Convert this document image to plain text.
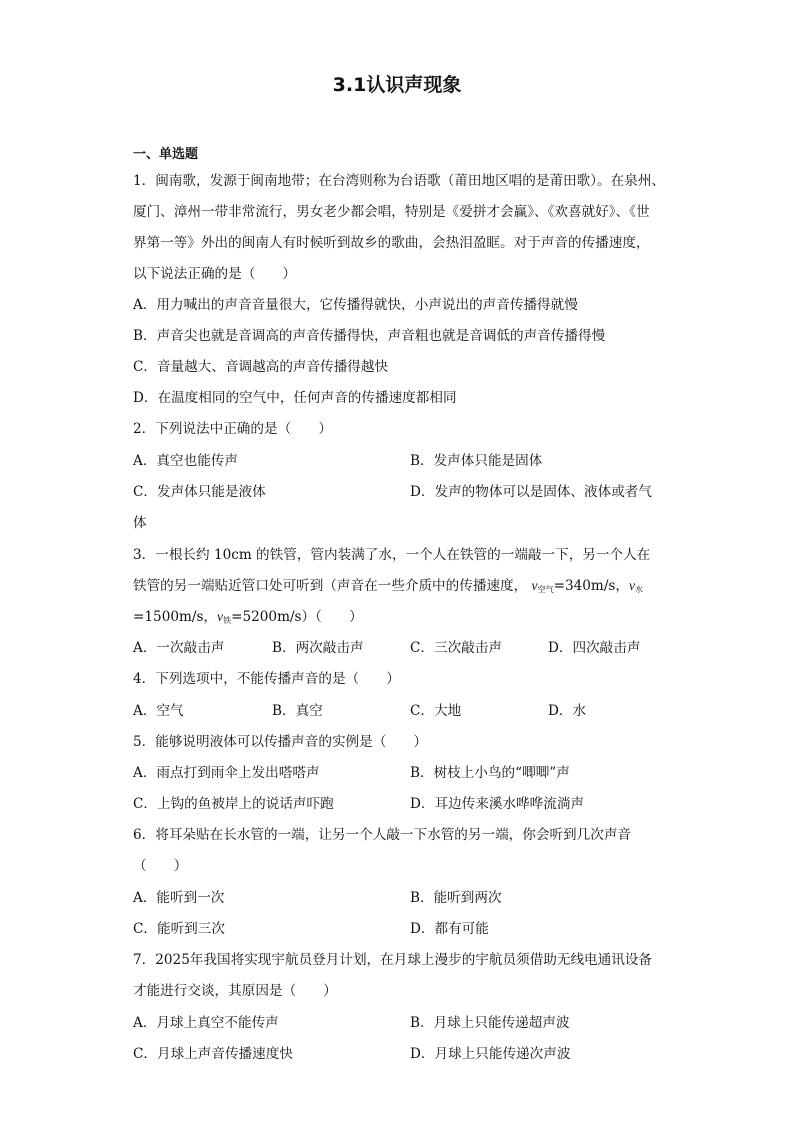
3.1认识声现象
一、单选题
1．闽南歌，发源于闽南地带；在台湾则称为台语歌（莆田地区唱的是莆田歌）。在泉州、
厦门、漳州一带非常流行，男女老少都会唱，特别是《爱拼才会赢》、《欢喜就好》、《世
界第一等》外出的闽南人有时候听到故乡的歌曲，会热泪盈眶。对于声音的传播速度，
以下说法正确的是（　　）
A．用力喊出的声音音量很大，它传播得就快，小声说出的声音传播得就慢
B．声音尖也就是音调高的声音传播得快，声音粗也就是音调低的声音传播得慢
C．音量越大、音调越高的声音传播得越快
D．在温度相同的空气中，任何声音的传播速度都相同
2．下列说法中正确的是（　　）
A．真空也能传声	B．发声体只能是固体
C．发声体只能是液体	D．发声的物体可以是固体、液体或者气
体
3．一根长约 10cm 的铁管，管内装满了水，一个人在铁管的一端敲一下，另一个人在
铁管的另一端贴近管口处可听到（声音在一些介质中的传播速度， $v_{空气}=340m/s$，$v_水$
=1500m/s，$v_铁=5200m/s$）（　　）
A．一次敲击声	B．两次敲击声	C．三次敲击声	D．四次敲击声
4．下列选项中，不能传播声音的是（　　）
A．空气	B．真空	C．大地	D．水
5．能够说明液体可以传播声音的实例是（　　）
A．雨点打到雨伞上发出嗒嗒声	B．树枝上小鸟的“唧唧”声
C．上钩的鱼被岸上的说话声吓跑	D．耳边传来溪水哗哗流淌声
6．将耳朵贴在长水管的一端，让另一个人敲一下水管的另一端，你会听到几次声音
（　　）
A．能听到一次	B．能听到两次
C．能听到三次	D．都有可能
7．2025年我国将实现宇航员登月计划，在月球上漫步的宇航员须借助无线电通讯设备
才能进行交谈，其原因是（　　）
A．月球上真空不能传声	B．月球上只能传递超声波
C．月球上声音传播速度快	D．月球上只能传递次声波
